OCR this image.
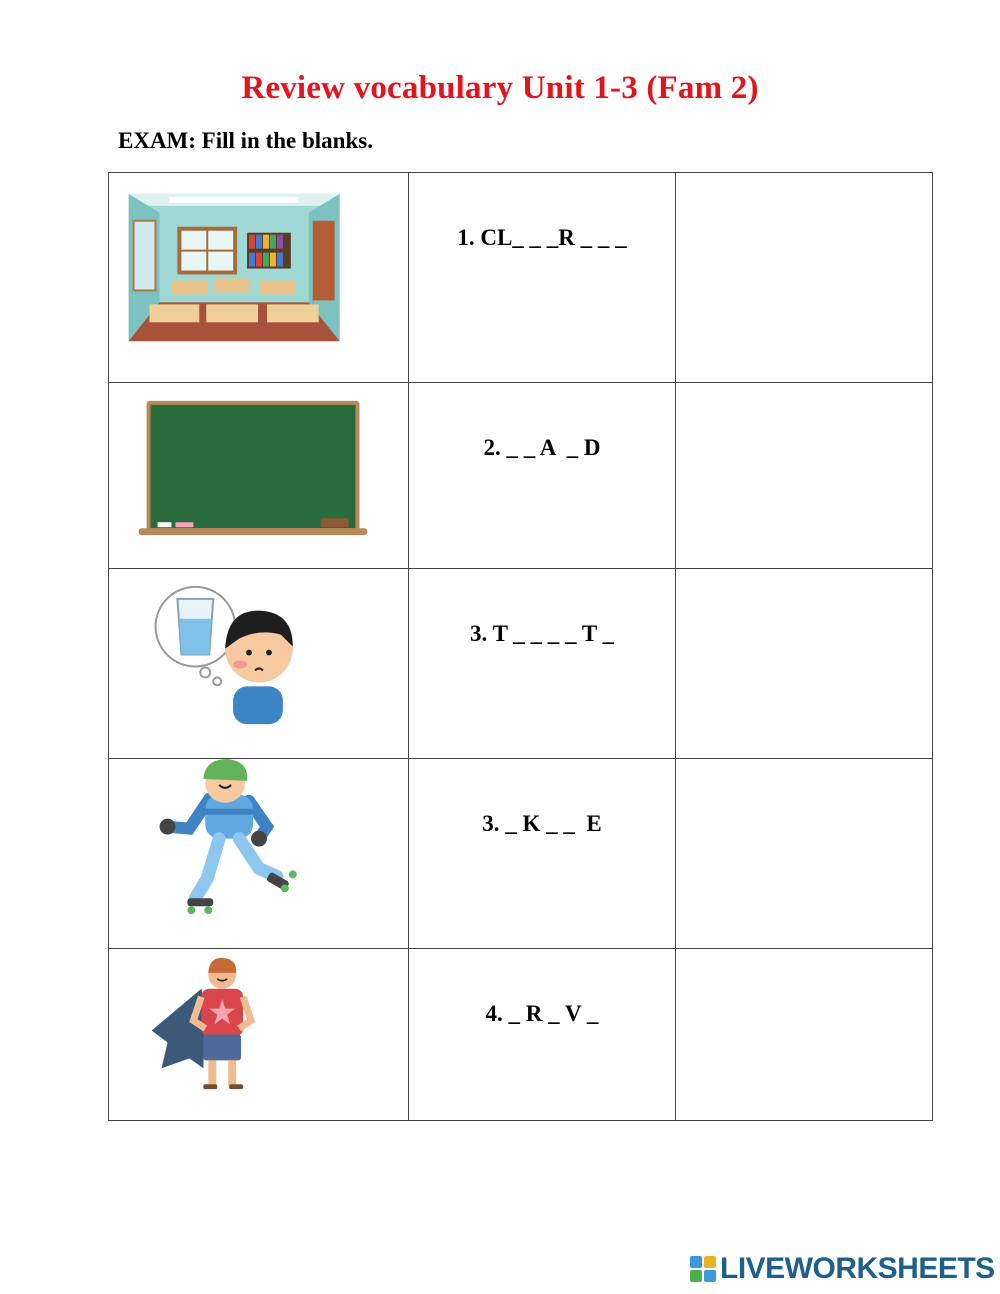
Review vocabulary Unit 1-3 (Fam 2)
EXAM: Fill in the blanks.

1. CL_ _ _R _ _ _	

2. _ _ A  _ D	

3. T _ _ _ _ T _	

3. _ K _ _  E	

4. _ R _ V _	

LIVEWORKSHEETS
